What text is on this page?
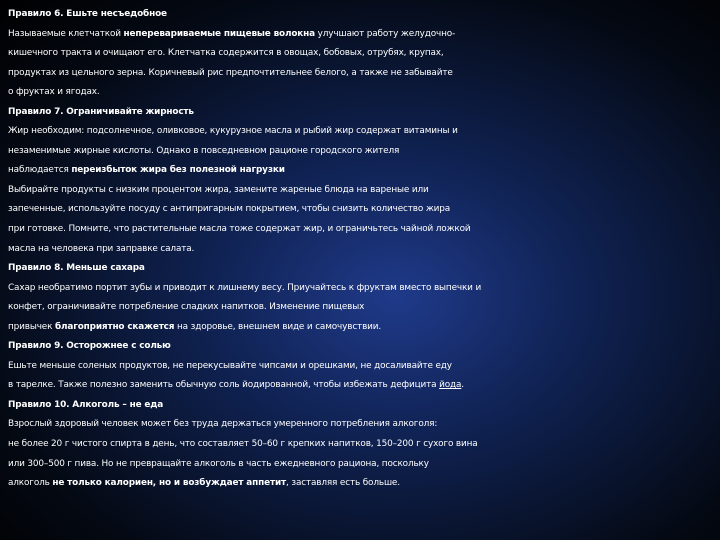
Правило 6. Ешьте несъедобное
Называемые клетчаткой неперевариваемые пищевые волокна улучшают работу желудочно-
кишечного тракта и очищают его. Клетчатка содержится в овощах, бобовых, отрубях, крупах,
продуктах из цельного зерна. Коричневый рис предпочтительнее белого, а также не забывайте
о фруктах и ягодах.
Правило 7. Ограничивайте жирность
Жир необходим: подсолнечное, оливковое, кукурузное масла и рыбий жир содержат витамины и
незаменимые жирные кислоты. Однако в повседневном рационе городского жителя
наблюдается переизбыток жира без полезной нагрузки
Выбирайте продукты с низким процентом жира, замените жареные блюда на вареные или
запеченные, используйте посуду с антипригарным покрытием, чтобы снизить количество жира
при готовке. Помните, что растительные масла тоже содержат жир, и ограничьтесь чайной ложкой
масла на человека при заправке салата.
Правило 8. Меньше сахара
Сахар необратимо портит зубы и приводит к лишнему весу. Приучайтесь к фруктам вместо выпечки и
конфет, ограничивайте потребление сладких напитков. Изменение пищевых
привычек благоприятно скажется на здоровье, внешнем виде и самочувствии.
Правило 9. Осторожнее с солью
Ешьте меньше соленых продуктов, не перекусывайте чипсами и орешками, не досаливайте еду
в тарелке. Также полезно заменить обычную соль йодированной, чтобы избежать дефицита йода.
Правило 10. Алкоголь – не еда
Взрослый здоровый человек может без труда держаться умеренного потребления алкоголя:
не более 20 г чистого спирта в день, что составляет 50–60 г крепких напитков, 150–200 г сухого вина
или 300–500 г пива. Но не превращайте алкоголь в часть ежедневного рациона, поскольку
алкоголь не только калориен, но и возбуждает аппетит, заставляя есть больше.
